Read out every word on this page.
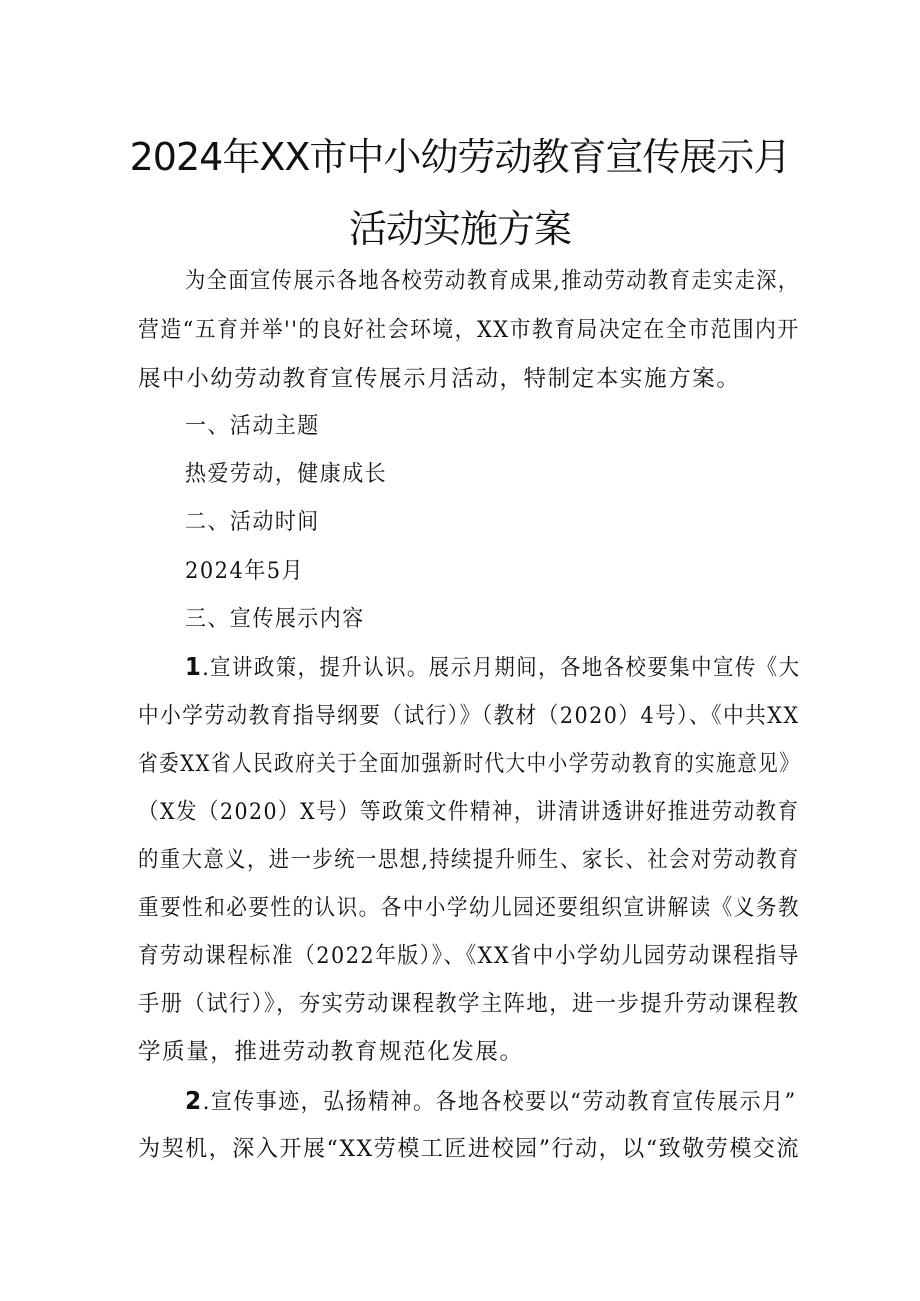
2024年XX市中小幼劳动教育宣传展示月
活动实施方案

为全面宣传展示各地各校劳动教育成果,推动劳动教育走实走深，

营造“五育并举''的良好社会环境，XX市教育局决定在全市范围内开

展中小幼劳动教育宣传展示月活动，特制定本实施方案。

一、活动主题

热爱劳动，健康成长

二、活动时间

2024年5月

三、宣传展示内容

1.宣讲政策，提升认识。展示月期间，各地各校要集中宣传《大

中小学劳动教育指导纲要（试行）》（教材（2020）4号）、《中共XX

省委XX省人民政府关于全面加强新时代大中小学劳动教育的实施意见》

（X发（2020）X号）等政策文件精神，讲清讲透讲好推进劳动教育

的重大意义，进一步统一思想,持续提升师生、家长、社会对劳动教育

重要性和必要性的认识。各中小学幼儿园还要组织宣讲解读《义务教

育劳动课程标准（2022年版）》、《XX省中小学幼儿园劳动课程指导

手册（试行）》，夯实劳动课程教学主阵地，进一步提升劳动课程教

学质量，推进劳动教育规范化发展。

2.宣传事迹，弘扬精神。各地各校要以“劳动教育宣传展示月”

为契机，深入开展“XX劳模工匠进校园”行动，以“致敬劳模交流
